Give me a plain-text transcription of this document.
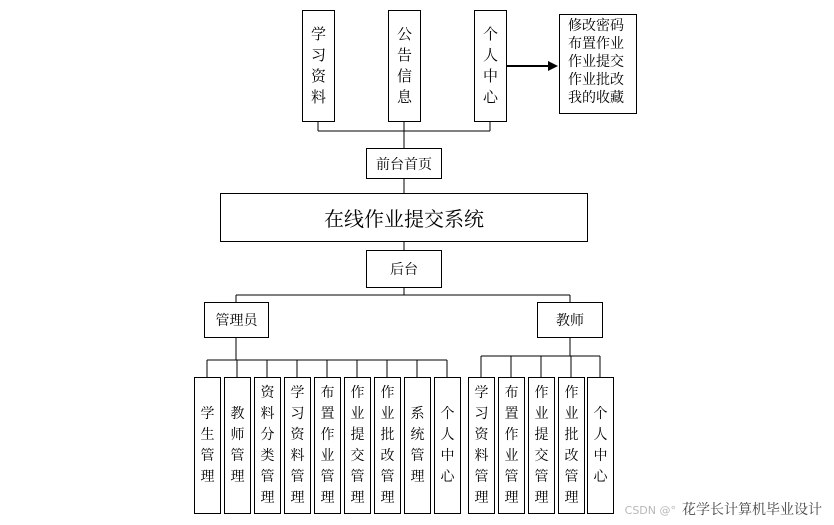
学习资料
公告信息
个人中心
修改密码
布置作业
作业提交
作业批改
我的收藏
前台首页
在线作业提交系统
后台
管理员	教师
学生管理
教师管理
资料分类管理
学习资料管理
布置作业管理
作业提交管理
作业批改管理
系统管理
个人中心
学习资料管理
布置作业管理
作业提交管理
作业批改管理
个人中心
CSDN @° 花学长计算机毕业设计
